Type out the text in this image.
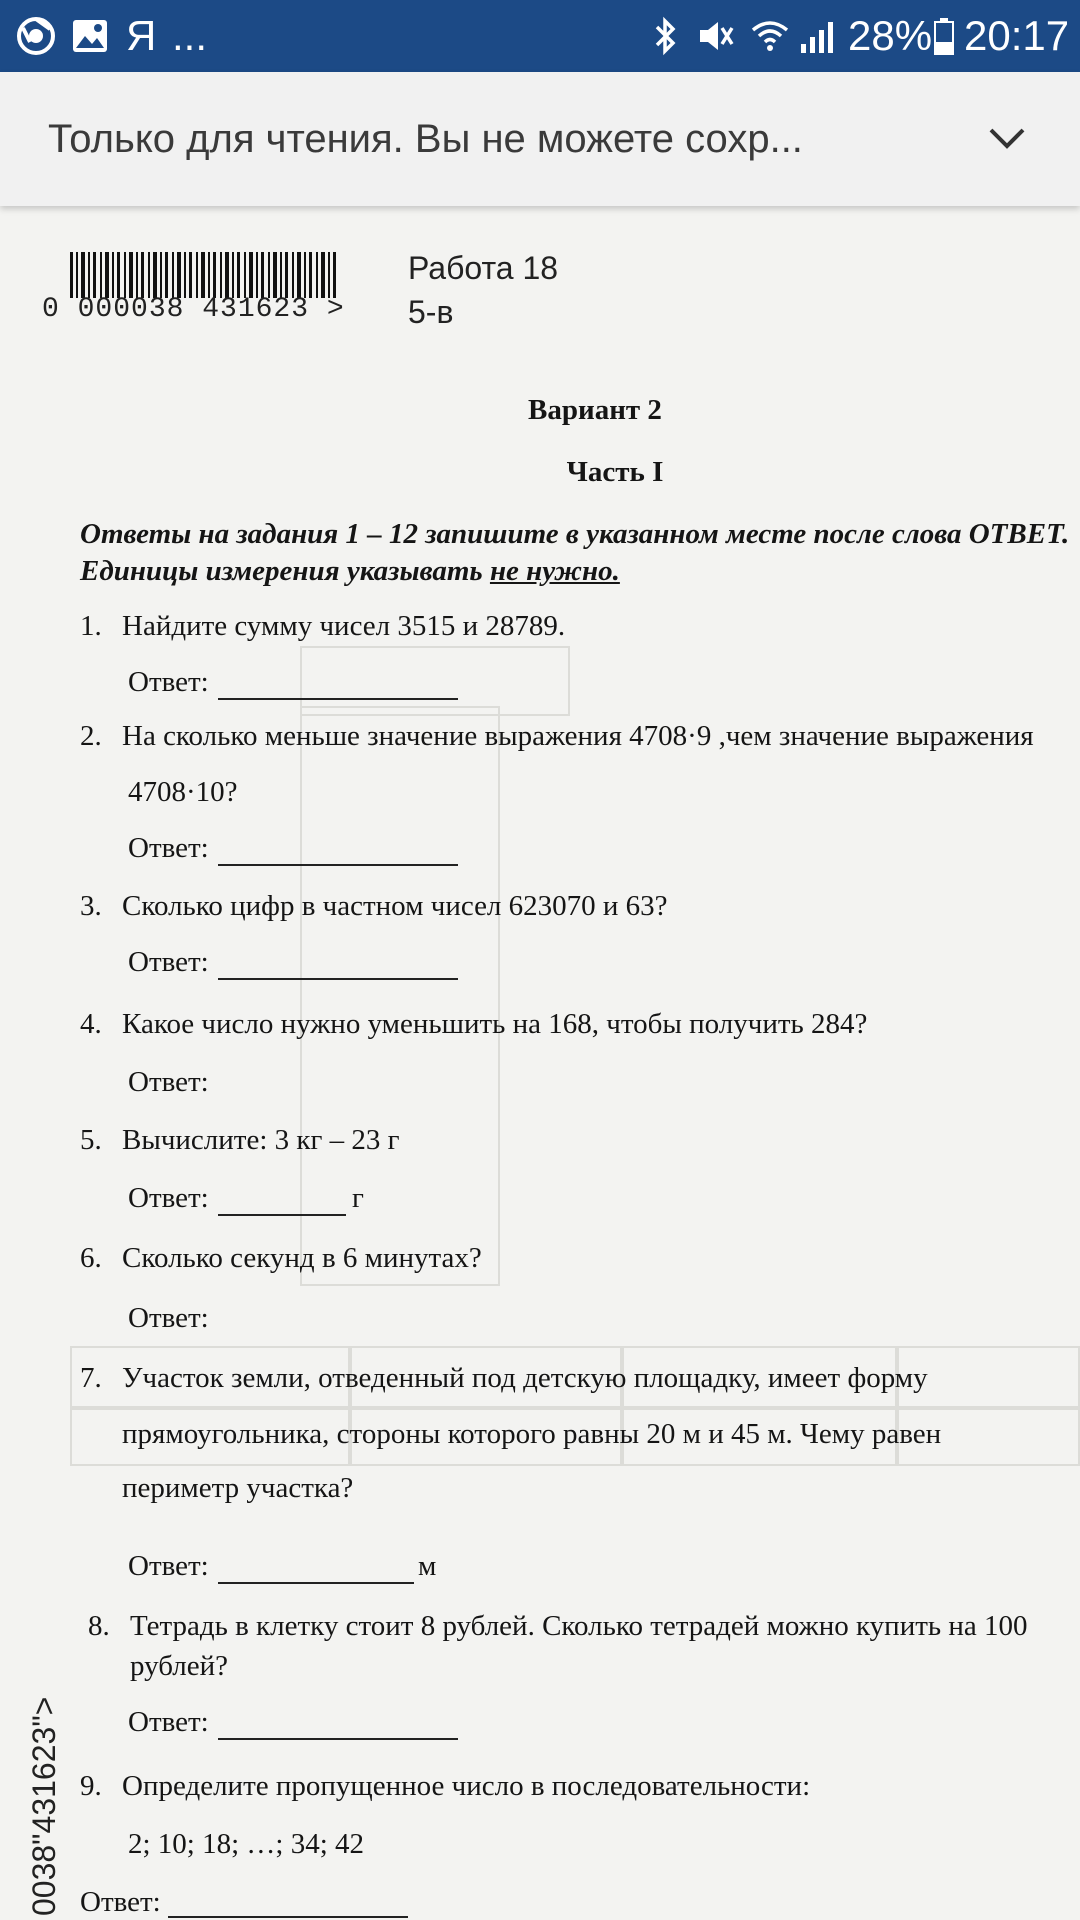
Я ...	28% 20:17
Только для чтения. Вы не можете сохр...
0 000038 431623 >
Работа 18
5-в
Вариант 2
Часть I
Ответы на задания 1 – 12 запишите в указанном месте после слова ОТВЕТ. Единицы измерения указывать не нужно.
1. Найдите сумму чисел 3515 и 28789.
Ответ:
2. На сколько меньше значение выражения 4708·9 ,чем значение выражения
4708·10?
Ответ:
3. Сколько цифр в частном чисел 623070 и 63?
Ответ:
4. Какое число нужно уменьшить на 168, чтобы получить 284?
Ответ:
5. Вычислите: 3 кг – 23 г
Ответ:	г
6. Сколько секунд в 6 минутах?
Ответ:
7. Участок земли, отведенный под детскую площадку, имеет форму
прямоугольника, стороны которого равны 20 м и 45 м. Чему равен
периметр участка?
Ответ:	м
8. Тетрадь в клетку стоит 8 рублей. Сколько тетрадей можно купить на 100
рублей?
Ответ:
9. Определите пропущенное число в последовательности:
2; 10; 18; …; 34; 42
Ответ:
0038"431623">
